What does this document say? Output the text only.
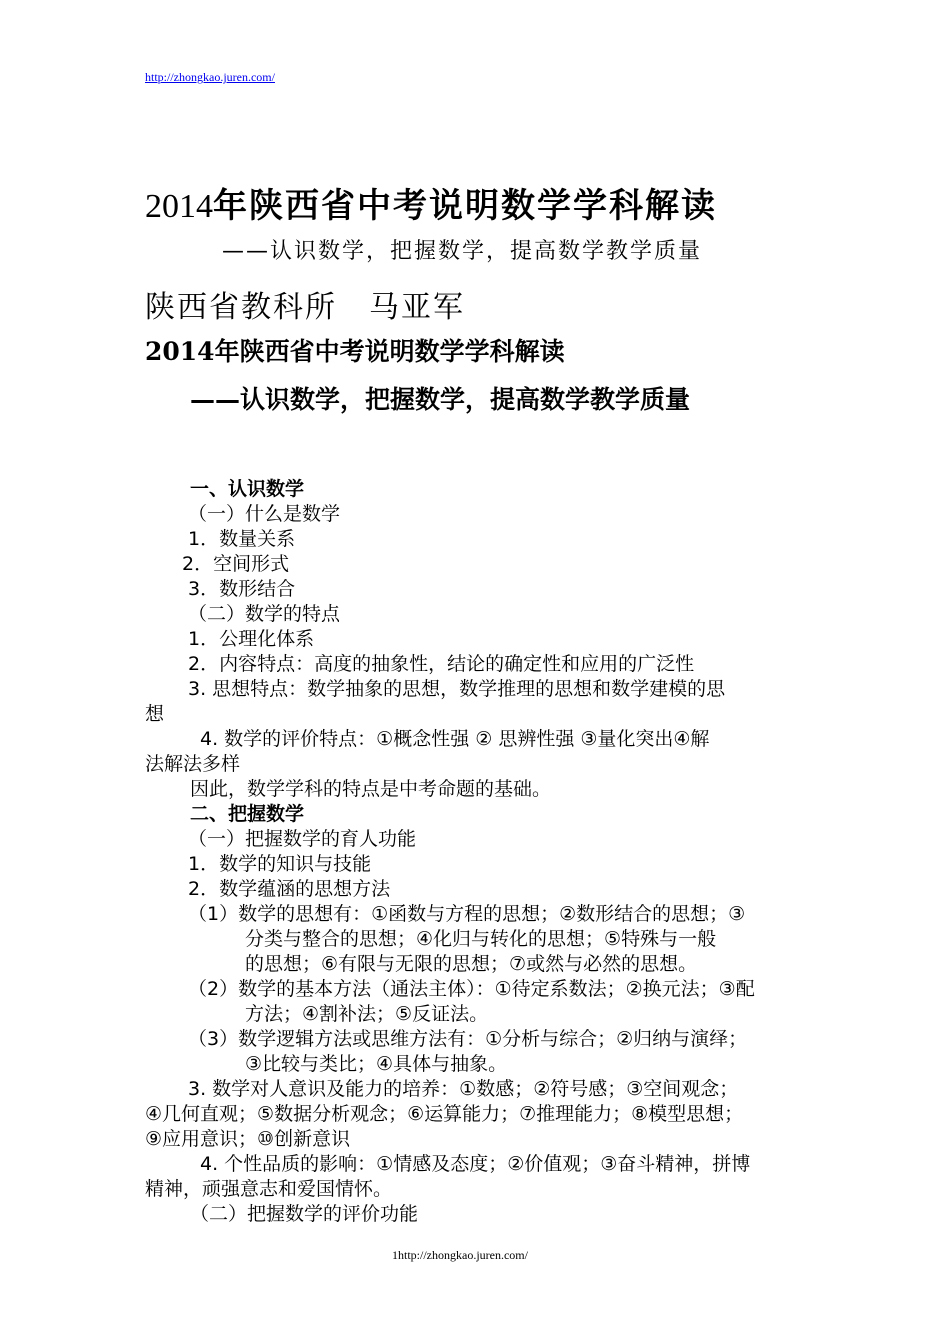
http://zhongkao.juren.com/
2014年陕西省中考说明数学学科解读
——认识数学，把握数学，提高数学教学质量
陕西省教科所　马亚军
2014年陕西省中考说明数学学科解读
——认识数学，把握数学，提高数学教学质量
一、认识数学
（一）什么是数学
1．数量关系
2．空间形式
3．数形结合
（二）数学的特点
1．公理化体系
2．内容特点：高度的抽象性，结论的确定性和应用的广泛性
3. 思想特点：数学抽象的思想，数学推理的思想和数学建模的思
想
4. 数学的评价特点：①概念性强 ② 思辨性强 ③量化突出④解
法解法多样
因此，数学学科的特点是中考命题的基础。
二、把握数学
（一）把握数学的育人功能
1．数学的知识与技能
2．数学蕴涵的思想方法
（1）数学的思想有：①函数与方程的思想；②数形结合的思想；③
分类与整合的思想；④化归与转化的思想；⑤特殊与一般
的思想；⑥有限与无限的思想；⑦或然与必然的思想。
（2）数学的基本方法（通法主体）：①待定系数法；②换元法；③配
方法；④割补法；⑤反证法。
（3）数学逻辑方法或思维方法有：①分析与综合；②归纳与演绎；
③比较与类比；④具体与抽象。
3. 数学对人意识及能力的培养：①数感；②符号感；③空间观念；
④几何直观；⑤数据分析观念；⑥运算能力；⑦推理能力；⑧模型思想；
⑨应用意识；⑩创新意识
4. 个性品质的影响：①情感及态度；②价值观；③奋斗精神，拼博
精神，顽强意志和爱国情怀。
（二）把握数学的评价功能
1http://zhongkao.juren.com/
